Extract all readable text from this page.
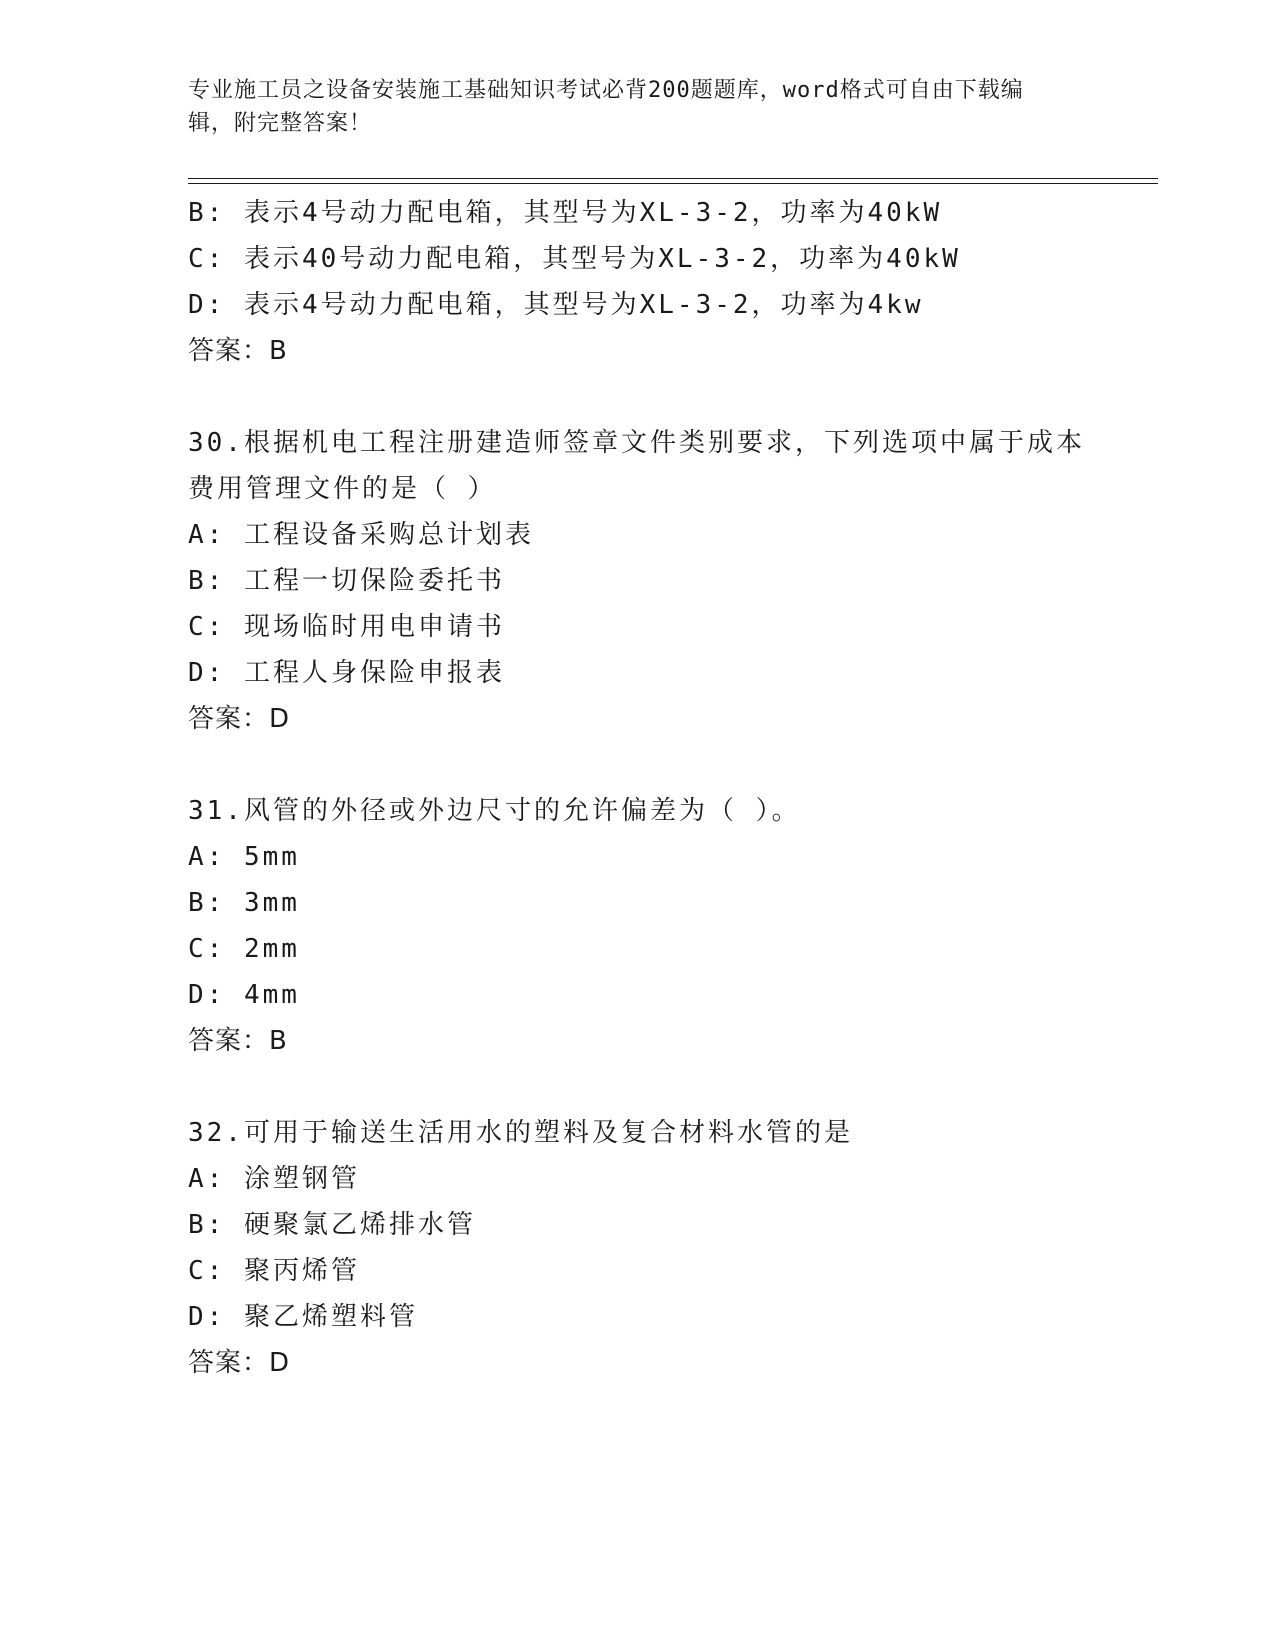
专业施工员之设备安装施工基础知识考试必背200题题库，word格式可自由下载编辑，附完整答案！
B: 表示4号动力配电箱，其型号为XL-3-2，功率为40kW
C: 表示40号动力配电箱，其型号为XL-3-2，功率为40kW
D: 表示4号动力配电箱，其型号为XL-3-2，功率为4kw
答案：B
30.根据机电工程注册建造师签章文件类别要求，下列选项中属于成本
费用管理文件的是（ ）
A: 工程设备采购总计划表
B: 工程一切保险委托书
C: 现场临时用电申请书
D: 工程人身保险申报表
答案：D
31.风管的外径或外边尺寸的允许偏差为（ ）。
A: 5mm
B: 3mm
C: 2mm
D: 4mm
答案：B
32.可用于输送生活用水的塑料及复合材料水管的是
A: 涂塑钢管
B: 硬聚氯乙烯排水管
C: 聚丙烯管
D: 聚乙烯塑料管
答案：D
